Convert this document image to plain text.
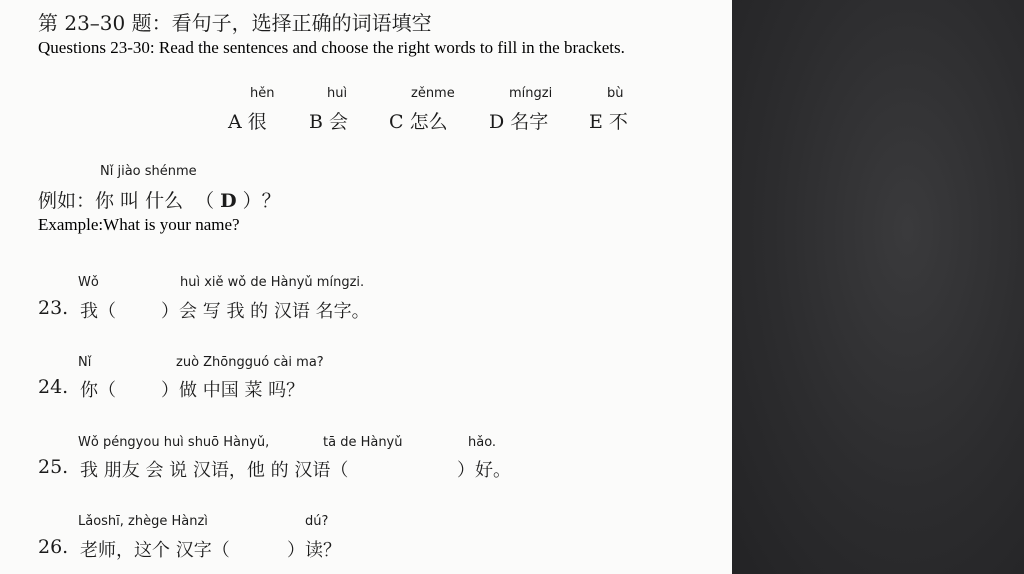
第 23–30 题：看句子，选择正确的词语填空
Questions 23-30: Read the sentences and choose the right words to fill in the brackets.
hěn
A 很
huì
B 会
zěnme
C 怎么
míngzi
D 名字
bù
E 不
Nǐ jiào shénme
例如：你 叫 什么 （ D ）？
Example:What is your name?
Wǒ	huì xiě wǒ de Hànyǔ míngzi.
23. 我（	）会 写 我 的 汉语 名字。
Nǐ	zuò Zhōngguó cài ma?
24. 你（	）做 中国 菜 吗？
Wǒ péngyou huì shuō Hànyǔ,	tā de Hànyǔ	hǎo.
25. 我 朋友 会 说 汉语，他 的 汉语（	）好。
Lǎoshī, zhège Hànzì	dú?
26. 老师，这个 汉字（	）读？
